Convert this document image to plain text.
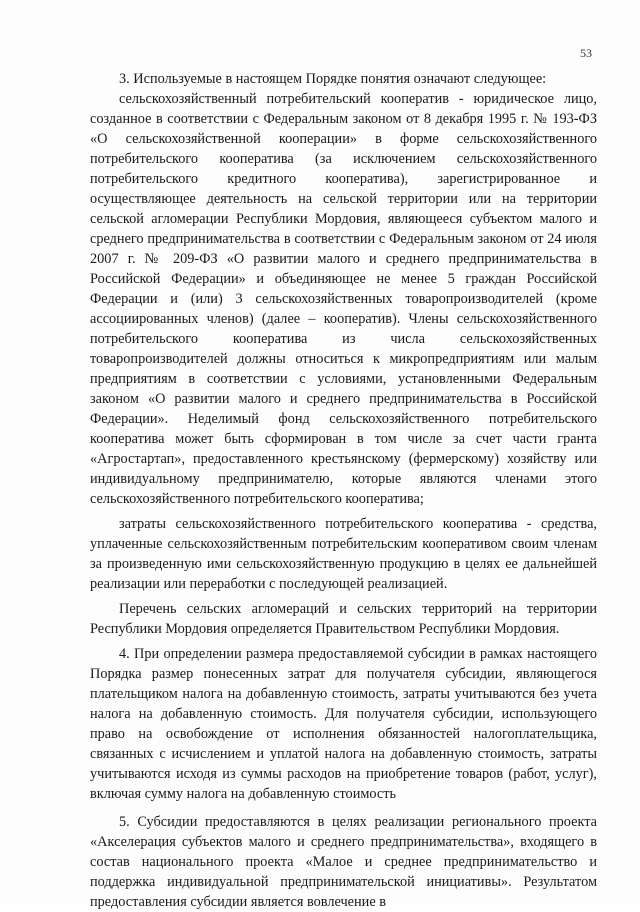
53

3. Используемые в настоящем Порядке понятия означают следующее:

сельскохозяйственный потребительский кооператив - юридическое лицо, созданное в соответствии с Федеральным законом от 8 декабря 1995 г. № 193-ФЗ «О сельскохозяйственной кооперации» в форме сельскохозяйственного потребительского кооператива (за исключением сельскохозяйственного потребительского кредитного кооператива), зарегистрированное и осуществляющее деятельность на сельской территории или на территории сельской агломерации Республики Мордовия, являющееся субъектом малого и среднего предпринимательства в соответствии с Федеральным законом от 24 июля 2007 г. № 209-ФЗ «О развитии малого и среднего предпринимательства в Российской Федерации» и объединяющее не менее 5 граждан Российской Федерации и (или) 3 сельскохозяйственных товаропроизводителей (кроме ассоциированных членов) (далее – кооператив). Члены сельскохозяйственного потребительского кооператива из числа сельскохозяйственных товаропроизводителей должны относиться к микропредприятиям или малым предприятиям в соответствии с условиями, установленными Федеральным законом «О развитии малого и среднего предпринимательства в Российской Федерации». Неделимый фонд сельскохозяйственного потребительского кооператива может быть сформирован в том числе за счет части гранта «Агростартап», предоставленного крестьянскому (фермерскому) хозяйству или индивидуальному предпринимателю, которые являются членами этого сельскохозяйственного потребительского кооператива;

затраты сельскохозяйственного потребительского кооператива - средства, уплаченные сельскохозяйственным потребительским кооперативом своим членам за произведенную ими сельскохозяйственную продукцию в целях ее дальнейшей реализации или переработки с последующей реализацией.

Перечень сельских агломераций и сельских территорий на территории Республики Мордовия определяется Правительством Республики Мордовия.

4. При определении размера предоставляемой субсидии в рамках настоящего Порядка размер понесенных затрат для получателя субсидии, являющегося плательщиком налога на добавленную стоимость, затраты учитываются без учета налога на добавленную стоимость. Для получателя субсидии, использующего право на освобождение от исполнения обязанностей налогоплательщика, связанных с исчислением и уплатой налога на добавленную стоимость, затраты учитываются исходя из суммы расходов на приобретение товаров (работ, услуг), включая сумму налога на добавленную стоимость

5. Субсидии предоставляются в целях реализации регионального проекта «Акселерация субъектов малого и среднего предпринимательства», входящего в состав национального проекта «Малое и среднее предпринимательство и поддержка индивидуальной предпринимательской инициативы». Результатом предоставления субсидии является вовлечение в
